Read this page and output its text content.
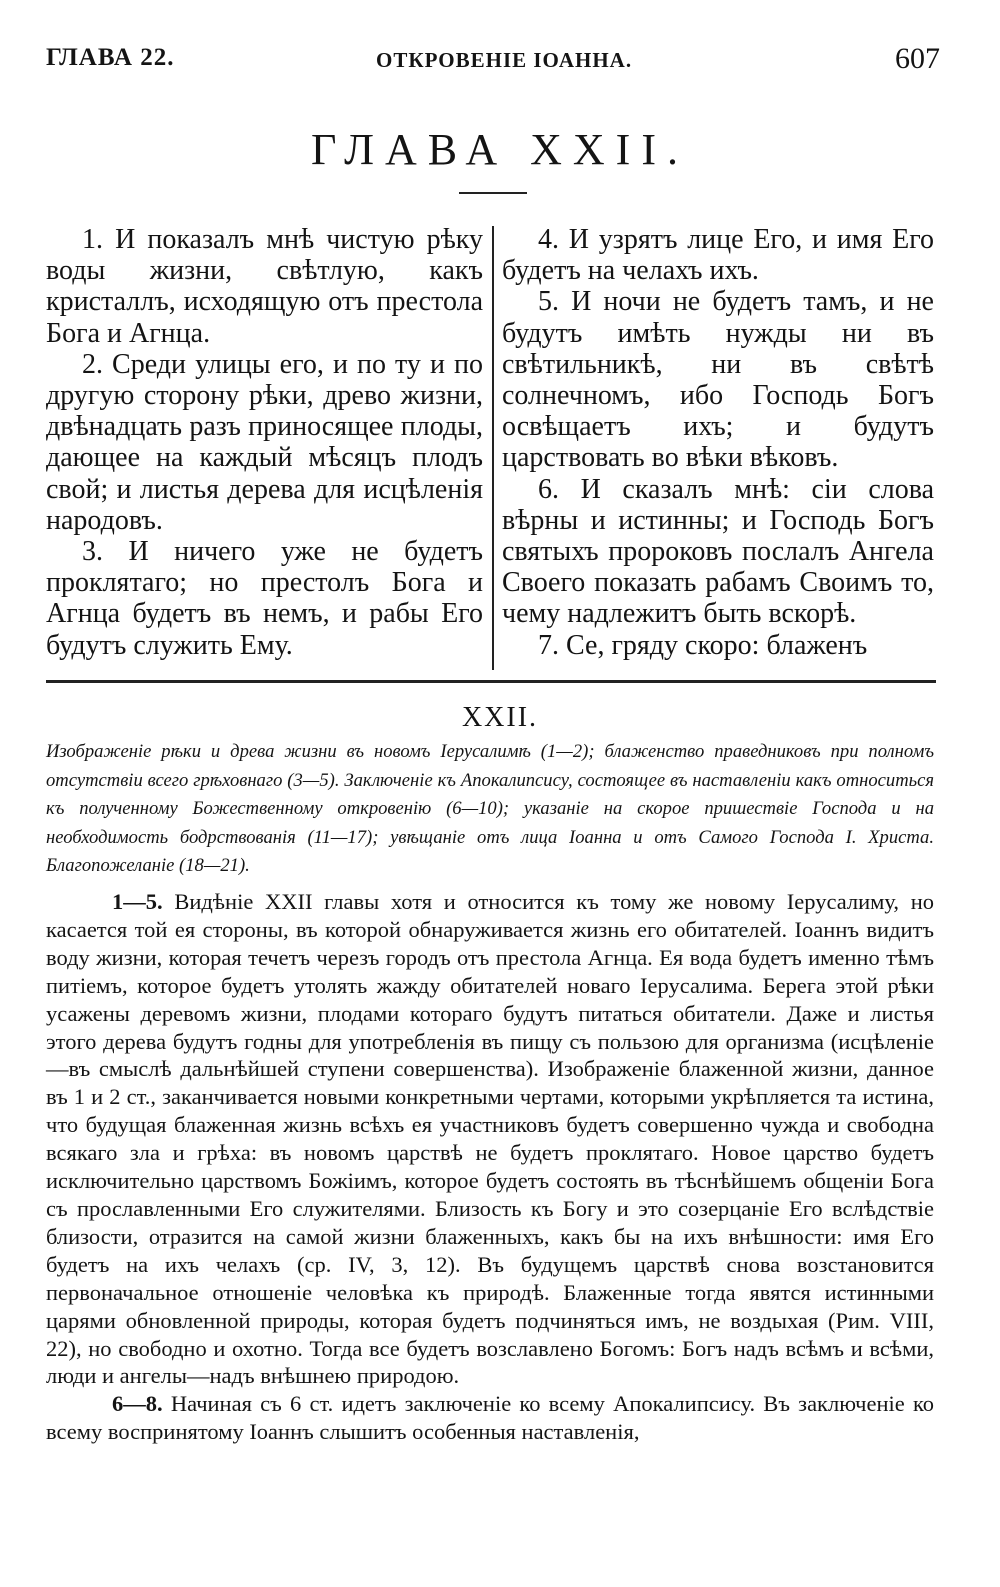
ГЛАВА 22.	ОТКРОВЕНІЕ ІОАННА.	607
ГЛАВА XXII.

1. И показалъ мнѣ чистую рѣку воды жизни, свѣтлую, какъ кристаллъ, исходящую отъ престола Бога и Агнца.

2. Среди улицы его, и по ту и по другую сторону рѣки, древо жизни, двѣнадцать разъ приносящее плоды, дающее на каждый мѣсяцъ плодъ свой; и листья дерева для исцѣленія народовъ.

3. И ничего уже не будетъ проклятаго; но престолъ Бога и Агнца будетъ въ немъ, и рабы Его будутъ служить Ему.

4. И узрятъ лице Его, и имя Его будетъ на челахъ ихъ.

5. И ночи не будетъ тамъ, и не будутъ имѣть нужды ни въ свѣтильникѣ, ни въ свѣтѣ солнечномъ, ибо Господь Богъ освѣщаетъ ихъ; и будутъ царствовать во вѣки вѣковъ.

6. И сказалъ мнѣ: сіи слова вѣрны и истинны; и Господь Богъ святыхъ пророковъ послалъ Ангела Своего показать рабамъ Своимъ то, чему надлежитъ быть вскорѣ.

7. Се, гряду скоро: блаженъ

XXII.

Изображеніе рѣки и древа жизни въ новомъ Іерусалимѣ (1—2); блаженство праведниковъ при полномъ отсутствіи всего грѣховнаго (3—5). Заключеніе къ Апокалипсису, состоящее въ наставленіи какъ относиться къ полученному Божественному откровенію (6—10); указаніе на скорое пришествіе Господа и на необходимость бодрствованія (11—17); увѣщаніе отъ лица Іоанна и отъ Самого Господа І. Христа. Благопожеланіе (18—21).

1—5. Видѣніе XXII главы хотя и относится къ тому же новому Іерусалиму, но касается той ея стороны, въ которой обнаруживается жизнь его обитателей. Іоаннъ видитъ воду жизни, которая течетъ черезъ городъ отъ престола Агнца. Ея вода будетъ именно тѣмъ питіемъ, которое будетъ утолять жажду обитателей новаго Іерусалима. Берега этой рѣки усажены деревомъ жизни, плодами котораго будутъ питаться обитатели. Даже и листья этого дерева будутъ годны для употребленія въ пищу съ пользою для организма (исцѣленіе—въ смыслѣ дальнѣйшей ступени совершенства). Изображеніе блаженной жизни, данное въ 1 и 2 ст., заканчивается новыми конкретными чертами, которыми укрѣпляется та истина, что будущая блаженная жизнь всѣхъ ея участниковъ будетъ совершенно чужда и свободна всякаго зла и грѣха: въ новомъ царствѣ не будетъ проклятаго. Новое царство будетъ исключительно царствомъ Божіимъ, которое будетъ состоять въ тѣснѣйшемъ общеніи Бога съ прославленными Его служителями. Близость къ Богу и это созерцаніе Его вслѣдствіе близости, отразится на самой жизни блаженныхъ, какъ бы на ихъ внѣшности: имя Его будетъ на ихъ челахъ (ср. IV, 3, 12). Въ будущемъ царствѣ снова возстановится первоначальное отношеніе человѣка къ природѣ. Блаженные тогда явятся истинными царями обновленной природы, которая будетъ подчиняться имъ, не воздыхая (Рим. VIII, 22), но свободно и охотно. Тогда все будетъ возславлено Богомъ: Богъ надъ всѣмъ и всѣми, люди и ангелы—надъ внѣшнею природою.

6—8. Начиная съ 6 ст. идетъ заключеніе ко всему Апокалипсису. Въ заключеніе ко всему воспринятому Іоаннъ слышитъ особенныя наставленія,
